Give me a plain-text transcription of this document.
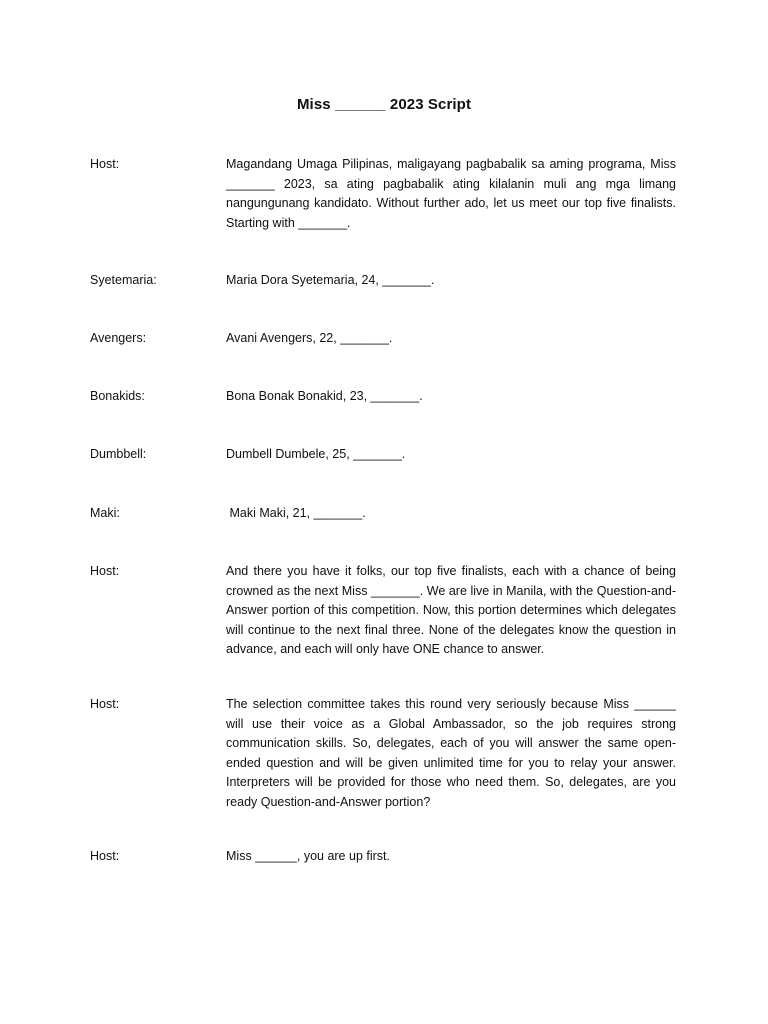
Miss ______ 2023 Script
Host:	Magandang Umaga Pilipinas, maligayang pagbabalik sa aming programa, Miss _______ 2023, sa ating pagbabalik ating kilalanin muli ang mga limang nangungunang kandidato. Without further ado, let us meet our top five finalists. Starting with _______.
Syetemaria:	Maria Dora Syetemaria, 24, _______.
Avengers:	Avani Avengers, 22, _______.
Bonakids:	Bona Bonak Bonakid, 23, _______.
Dumbbell:	Dumbell Dumbele, 25, _______.
Maki:	Maki Maki, 21, _______.
Host:	And there you have it folks, our top five finalists, each with a chance of being crowned as the next Miss _______. We are live in Manila, with the Question-and-Answer portion of this competition. Now, this portion determines which delegates will continue to the next final three. None of the delegates know the question in advance, and each will only have ONE chance to answer.
Host:	The selection committee takes this round very seriously because Miss ______ will use their voice as a Global Ambassador, so the job requires strong communication skills. So, delegates, each of you will answer the same open-ended question and will be given unlimited time for you to relay your answer. Interpreters will be provided for those who need them. So, delegates, are you ready Question-and-Answer portion?
Host:	Miss ______, you are up first.
